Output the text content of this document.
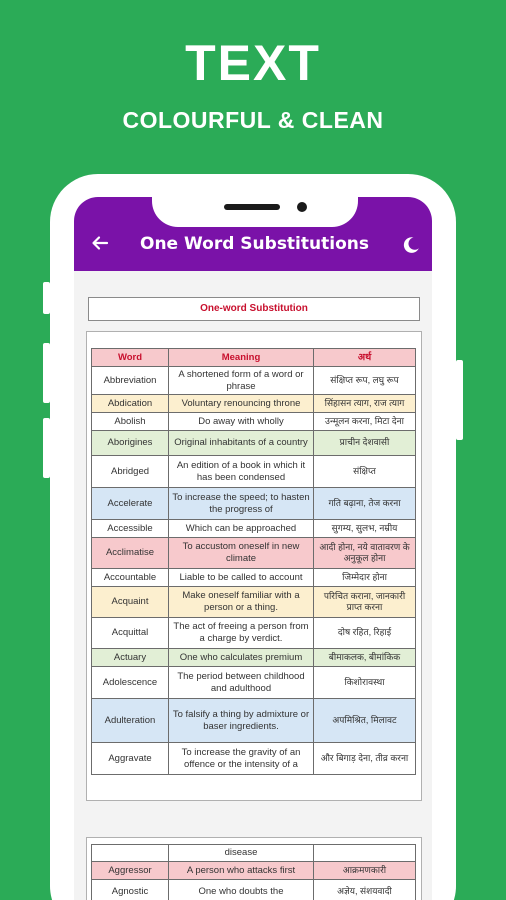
TEXT
COLOURFUL & CLEAN
One Word Substitutions
One-word Substitution
Word	Meaning	अर्थ
Abbreviation	A shortened form of a word or phrase	संक्षिप्त रूप, लघु रूप
Abdication	Voluntary renouncing throne	सिंहासन त्याग, राज त्याग
Abolish	Do away with wholly	उन्मूलन करना, मिटा देना
Aborigines	Original inhabitants of a country	प्राचीन देशवासी
Abridged	An edition of a book in which it has been condensed	संक्षिप्त
Accelerate	To increase the speed; to hasten the progress of	गति बढ़ाना, तेज करना
Accessible	Which can be approached	सुगम्य, सुलभ, नम्रीय
Acclimatise	To accustom oneself in new climate	आदी होना, नये वातावरण के अनुकूल होना
Accountable	Liable to be called to account	जिम्मेदार होना
Acquaint	Make oneself familiar with a person or a thing.	परिचित कराना, जानकारी प्राप्त करना
Acquittal	The act of freeing a person from a charge by verdict.	दोष रहित, रिहाई
Actuary	One who calculates premium	बीमाकलक, बीमांकिक
Adolescence	The period between childhood and adulthood	किशोरावस्था
Adulteration	To falsify a thing by admixture or baser ingredients.	अपमिश्रित, मिलावट
Aggravate	To increase the gravity of an offence or the intensity of a	और बिगाड़ देना, तीव्र करना
	disease	
Aggressor	A person who attacks first	आक्रमणकारी
Agnostic	One who doubts the	अज्ञेय, संशयवादी
